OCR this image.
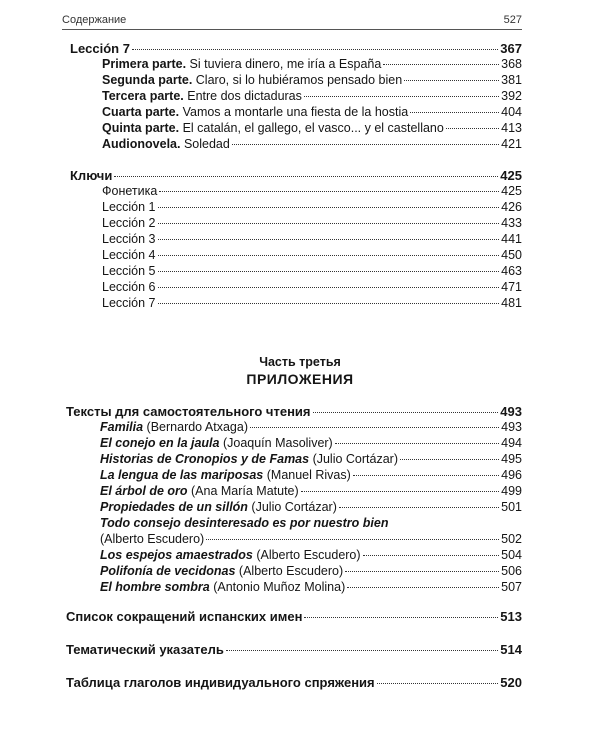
Содержание	527
Lección 7	367
Primera parte. Si tuviera dinero, me iría a España	368
Segunda parte. Claro, si lo hubiéramos pensado bien	381
Tercera parte. Entre dos dictaduras	392
Cuarta parte. Vamos a montarle una fiesta de la hostia	404
Quinta parte. El catalán, el gallego, el vasco... y el castellano	413
Audionovela. Soledad	421
Ключи	425
Фонетика	425
Lección 1	426
Lección 2	433
Lección 3	441
Lección 4	450
Lección 5	463
Lección 6	471
Lección 7	481
Часть третья
ПРИЛОЖЕНИЯ
Тексты для самостоятельного чтения	493
Familia (Bernardo Atxaga)	493
El conejo en la jaula (Joaquín Masoliver)	494
Historias de Cronopios y de Famas (Julio Cortázar)	495
La lengua de las mariposas (Manuel Rivas)	496
El árbol de oro (Ana María Matute)	499
Propiedades de un sillón (Julio Cortázar)	501
Todo consejo desinteresado es por nuestro bien
(Alberto Escudero)	502
Los espejos amaestrados (Alberto Escudero)	504
Polifonía de vecidonas (Alberto Escudero)	506
El hombre sombra (Antonio Muñoz Molina)	507
Список сокращений испанских имен	513
Тематический указатель	514
Таблица глаголов индивидуального спряжения	520
